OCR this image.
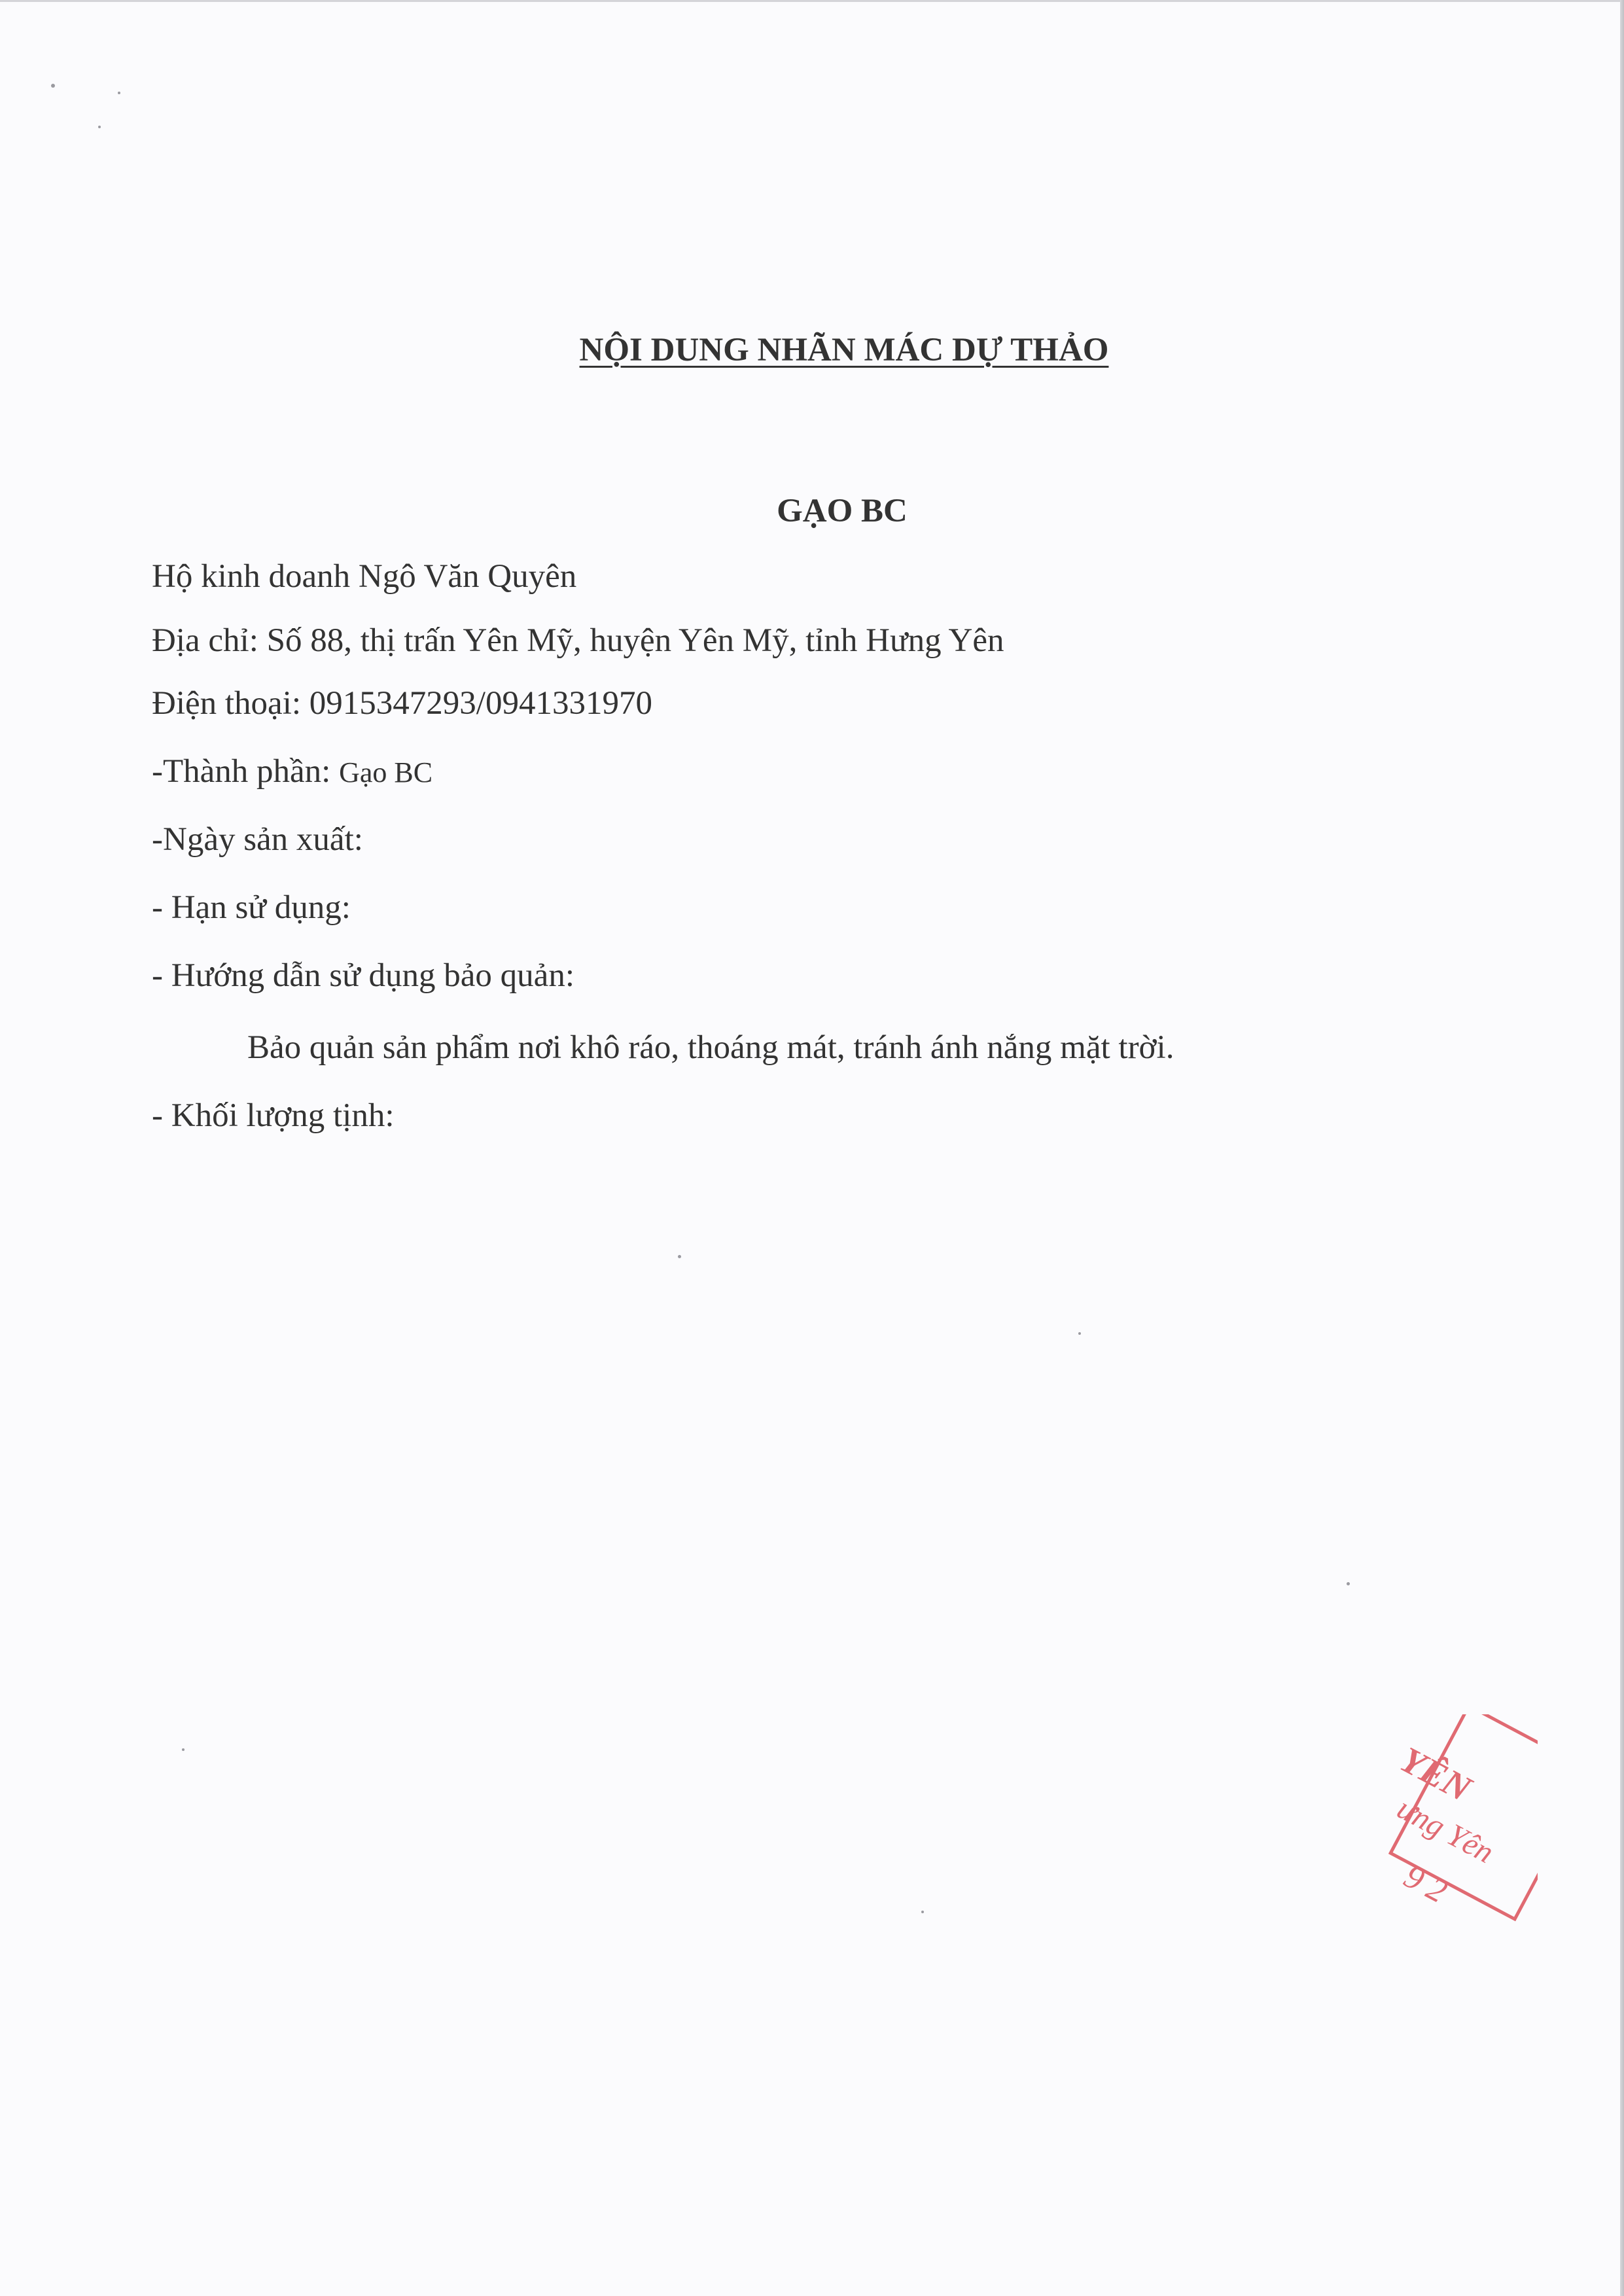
NỘI DUNG NHÃN MÁC DỰ THẢO
GẠO BC

Hộ kinh doanh Ngô Văn Quyên

Địa chỉ: Số 88, thị trấn Yên Mỹ, huyện Yên Mỹ, tỉnh Hưng Yên

Điện thoại: 0915347293/0941331970

-Thành phần: Gạo BC

-Ngày sản xuất:

- Hạn sử dụng:

- Hướng dẫn sử dụng bảo quản:

Bảo quản sản phẩm nơi khô ráo, thoáng mát, tránh ánh nắng mặt trời.

- Khối lượng tịnh:

YÊN
ưng Yên
9 2
